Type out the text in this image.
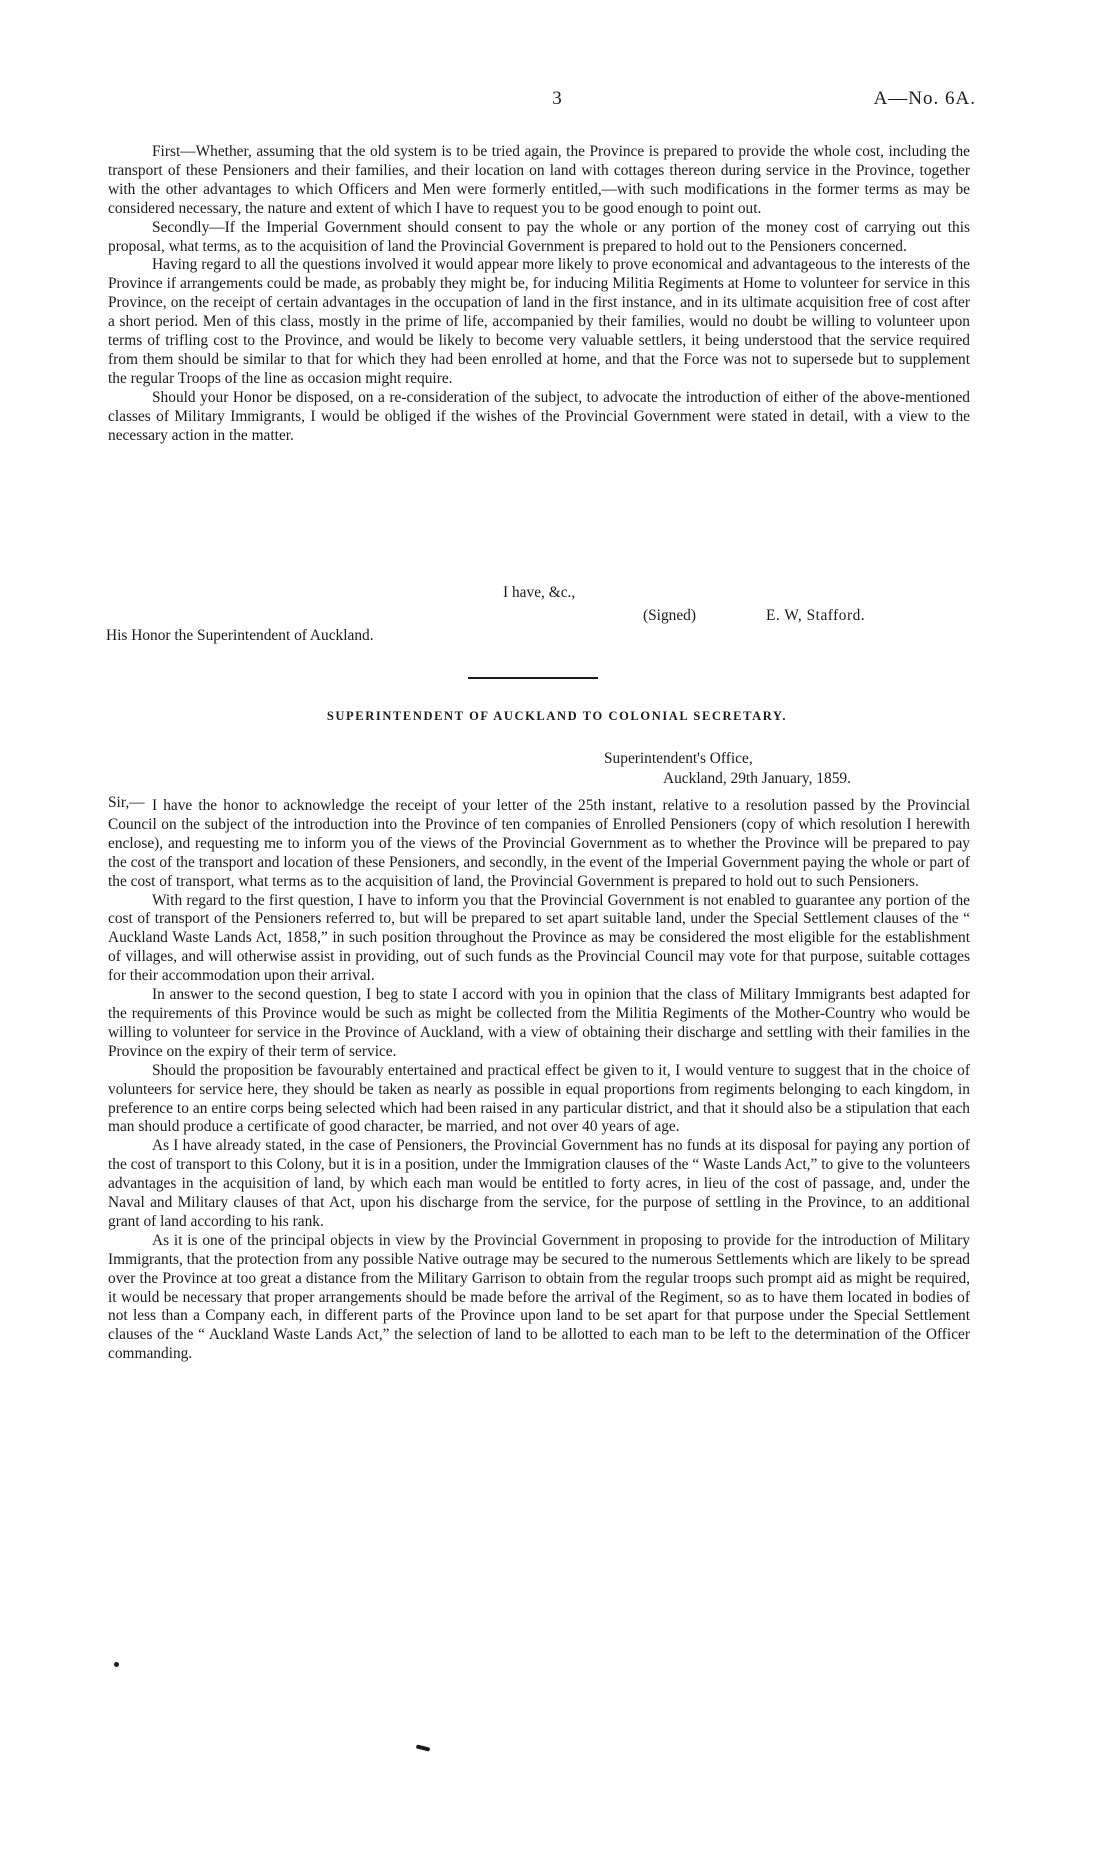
3	A—No. 6A.

First—Whether, assuming that the old system is to be tried again, the Province is prepared to provide the whole cost, including the transport of these Pensioners and their families, and their location on land with cottages thereon during service in the Province, together with the other advantages to which Officers and Men were formerly entitled,—with such modifications in the former terms as may be considered necessary, the nature and extent of which I have to request you to be good enough to point out.

Secondly—If the Imperial Government should consent to pay the whole or any portion of the money cost of carrying out this proposal, what terms, as to the acquisition of land the Provincial Government is prepared to hold out to the Pensioners concerned.

Having regard to all the questions involved it would appear more likely to prove economical and advantageous to the interests of the Province if arrangements could be made, as probably they might be, for inducing Militia Regiments at Home to volunteer for service in this Province, on the receipt of certain advantages in the occupation of land in the first instance, and in its ultimate acquisition free of cost after a short period. Men of this class, mostly in the prime of life, accompanied by their families, would no doubt be willing to volunteer upon terms of trifling cost to the Province, and would be likely to become very valuable settlers, it being understood that the service required from them should be similar to that for which they had been enrolled at home, and that the Force was not to supersede but to supplement the regular Troops of the line as occasion might require.

Should your Honor be disposed, on a re-consideration of the subject, to advocate the introduction of either of the above-mentioned classes of Military Immigrants, I would be obliged if the wishes of the Provincial Government were stated in detail, with a view to the necessary action in the matter.

I have, &c.,
(Signed)	E. W, Stafford.
His Honor the Superintendent of Auckland.
SUPERINTENDENT OF AUCKLAND TO COLONIAL SECRETARY.
Superintendent's Office,
Auckland, 29th January, 1859.
Sir,— I have the honor to acknowledge the receipt of your letter of the 25th instant, relative to a resolution passed by the Provincial Council on the subject of the introduction into the Province of ten companies of Enrolled Pensioners (copy of which resolution I herewith enclose), and requesting me to inform you of the views of the Provincial Government as to whether the Province will be prepared to pay the cost of the transport and location of these Pensioners, and secondly, in the event of the Imperial Government paying the whole or part of the cost of transport, what terms as to the acquisition of land, the Provincial Government is prepared to hold out to such Pensioners.

With regard to the first question, I have to inform you that the Provincial Government is not enabled to guarantee any portion of the cost of transport of the Pensioners referred to, but will be prepared to set apart suitable land, under the Special Settlement clauses of the “ Auckland Waste Lands Act, 1858,” in such position throughout the Province as may be considered the most eligible for the establishment of villages, and will otherwise assist in providing, out of such funds as the Provincial Council may vote for that purpose, suitable cottages for their accommodation upon their arrival.

In answer to the second question, I beg to state I accord with you in opinion that the class of Military Immigrants best adapted for the requirements of this Province would be such as might be collected from the Militia Regiments of the Mother-Country who would be willing to volunteer for service in the Province of Auckland, with a view of obtaining their discharge and settling with their families in the Province on the expiry of their term of service.

Should the proposition be favourably entertained and practical effect be given to it, I would venture to suggest that in the choice of volunteers for service here, they should be taken as nearly as possible in equal proportions from regiments belonging to each kingdom, in preference to an entire corps being selected which had been raised in any particular district, and that it should also be a stipulation that each man should produce a certificate of good character, be married, and not over 40 years of age.

As I have already stated, in the case of Pensioners, the Provincial Government has no funds at its disposal for paying any portion of the cost of transport to this Colony, but it is in a position, under the Immigration clauses of the “ Waste Lands Act,” to give to the volunteers advantages in the acquisition of land, by which each man would be entitled to forty acres, in lieu of the cost of passage, and, under the Naval and Military clauses of that Act, upon his discharge from the service, for the purpose of settling in the Province, to an additional grant of land according to his rank.

As it is one of the principal objects in view by the Provincial Government in proposing to provide for the introduction of Military Immigrants, that the protection from any possible Native outrage may be secured to the numerous Settlements which are likely to be spread over the Province at too great a distance from the Military Garrison to obtain from the regular troops such prompt aid as might be required, it would be necessary that proper arrangements should be made before the arrival of the Regiment, so as to have them located in bodies of not less than a Company each, in different parts of the Province upon land to be set apart for that purpose under the Special Settlement clauses of the “ Auckland Waste Lands Act,” the selection of land to be allotted to each man to be left to the determination of the Officer commanding.
